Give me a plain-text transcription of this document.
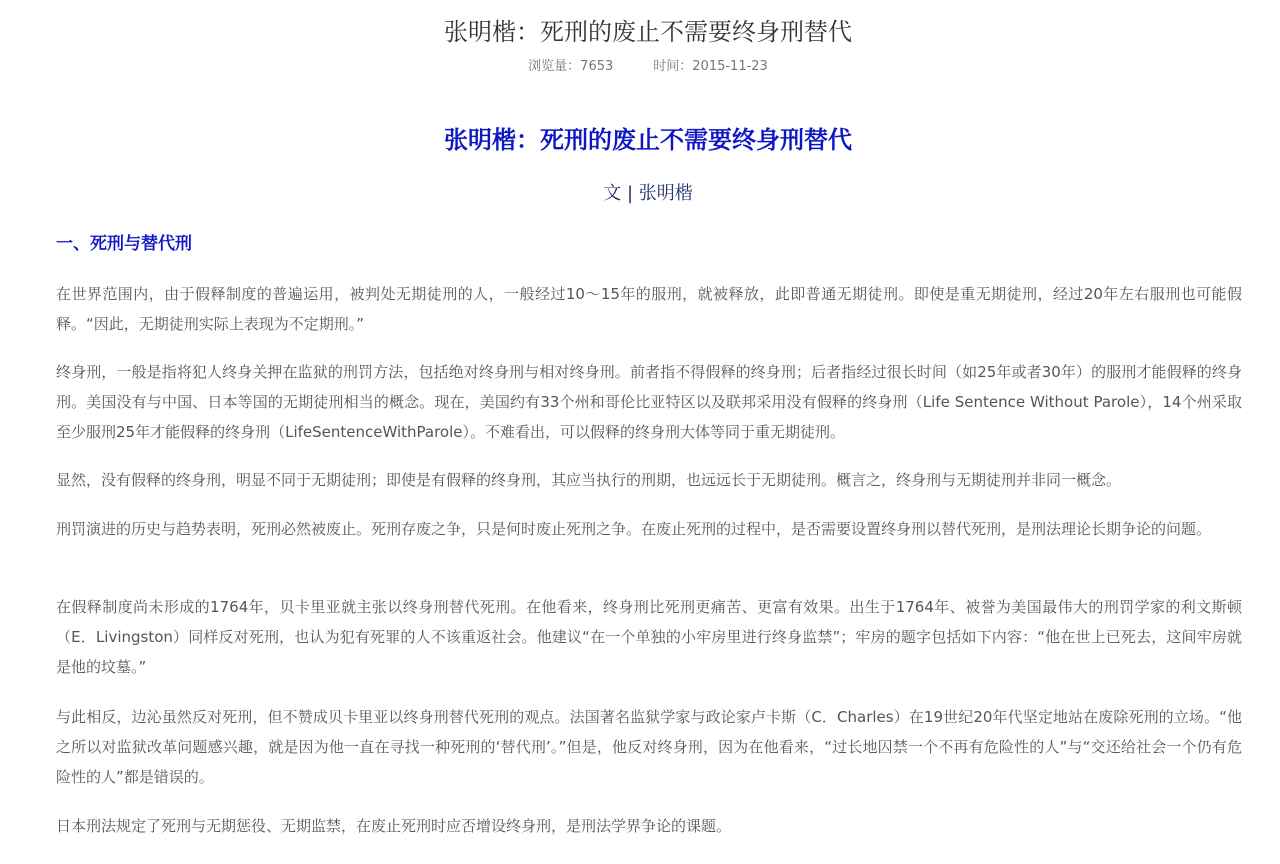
张明楷：死刑的废止不需要终身刑替代
浏览量：7653	时间：2015-11-23
张明楷：死刑的废止不需要终身刑替代
文 | 张明楷
一、死刑与替代刑

在世界范围内，由于假释制度的普遍运用，被判处无期徒刑的人，一般经过10～15年的服刑，就被释放，此即普通无期徒刑。即使是重无期徒刑，经过20年左右服刑也可能假释。“因此，无期徒刑实际上表现为不定期刑。”

终身刑，一般是指将犯人终身关押在监狱的刑罚方法，包括绝对终身刑与相对终身刑。前者指不得假释的终身刑；后者指经过很长时间（如25年或者30年）的服刑才能假释的终身刑。美国没有与中国、日本等国的无期徒刑相当的概念。现在，美国约有33个州和哥伦比亚特区以及联邦采用没有假释的终身刑（Life Sentence Without Parole），14个州采取至少服刑25年才能假释的终身刑（LifeSentenceWithParole）。不难看出，可以假释的终身刑大体等同于重无期徒刑。

显然，没有假释的终身刑，明显不同于无期徒刑；即使是有假释的终身刑，其应当执行的刑期，也远远长于无期徒刑。概言之，终身刑与无期徒刑并非同一概念。

刑罚演进的历史与趋势表明，死刑必然被废止。死刑存废之争，只是何时废止死刑之争。在废止死刑的过程中，是否需要设置终身刑以替代死刑，是刑法理论长期争论的问题。

在假释制度尚未形成的1764年，贝卡里亚就主张以终身刑替代死刑。在他看来，终身刑比死刑更痛苦、更富有效果。出生于1764年、被誉为美国最伟大的刑罚学家的利文斯顿（E．Livingston）同样反对死刑，也认为犯有死罪的人不该重返社会。他建议“在一个单独的小牢房里进行终身监禁”；牢房的题字包括如下内容：“他在世上已死去，这间牢房就是他的坟墓。”

与此相反，边沁虽然反对死刑，但不赞成贝卡里亚以终身刑替代死刑的观点。法国著名监狱学家与政论家卢卡斯（C．Charles）在19世纪20年代坚定地站在废除死刑的立场。“他之所以对监狱改革问题感兴趣，就是因为他一直在寻找一种死刑的‘替代刑’。”但是，他反对终身刑，因为在他看来，“过长地囚禁一个不再有危险性的人”与“交还给社会一个仍有危险性的人”都是错误的。

日本刑法规定了死刑与无期惩役、无期监禁，在废止死刑时应否增设终身刑，是刑法学界争论的课题。
